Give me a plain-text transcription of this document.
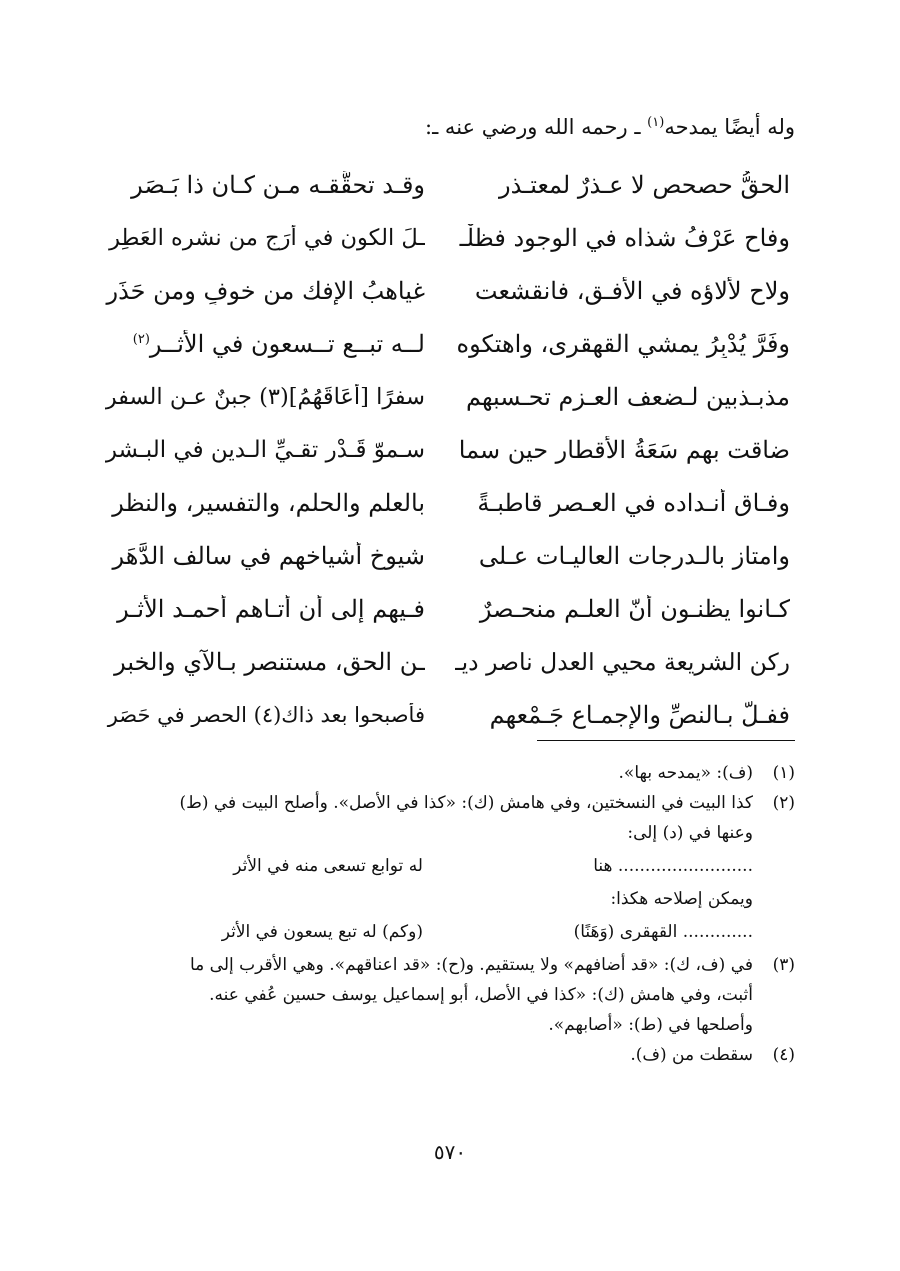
وله أيضًا يمدحه$^{(١)}$ ـ رحمه الله ورضي عنه ـ:
الحقُّ حصحص لا عـذرٌ لمعتـذرٍ
وقـد تحقَّقـه مـن كـان ذا بَـصَر
وفاح عَرْفُ شذاه في الوجود فظلْـ
ـلَ الكون في أَرَجٍ من نشره العَطِر
ولاح لألاؤه في الأفـق، فانقشعت
غياهبُ الإفك من خوفٍ ومن حَذَر
وفَرَّ يُدْبِرُ يمشي القهقرى، واهتكوه
لــه تبــع تــسعون في الأثــر$^{(٢)}$
مذبـذبين لـضعف العـزم تحـسبهم
سفرًا [أعَاقَهُمُ](٣) جبنٌ عـن السفر
ضاقت بهم سَعَةُ الأقطار حين سما
سـموّ قَـدْر تقـيِّ الـدين في البـشر
وفـاق أنـداده في العـصر قاطبـةً
بالعلم والحلم، والتفسير، والنظر
وامتاز بالـدرجات العاليـات عـلى
شيوخ أشياخهم في سالف الدَّهَر
كـانوا يظنـون أنّ العلـم منحـصرٌ
فـيهم إلى أن أتـاهم أحمـد الأثـر
ركن الشريعة محيي العدل ناصر ديـ
ـن الحق، مستنصر بـالآي والخبر
ففـلَّ بـالنصِّ والإجمـاع جَـمْعهم
فأصبحوا بعد ذاك(٤) الحصر في حَصَر
(١)
(ف): «يمدحه بها».
(٢)
كذا البيت في النسختين، وفي هامش (ك): «كذا في الأصل». وأصلح البيت في (ط)
وعنها في (د) إلى:
......................... هنا
له توابع تسعى منه في الأثر
ويمكن إصلاحه هكذا:
............. القهقرى (وَهَنًا)
(وكم) له تبع يسعون في الأثر
(٣)
في (ف، ك): «قد أضافهم» ولا يستقيم. و(ح): «قد اعناقهم». وهي الأقرب إلى ما
أثبت، وفي هامش (ك): «كذا في الأصل، أبو إسماعيل يوسف حسين عُفي عنه.
وأصلحها في (ط): «أصابهم».
(٤)
سقطت من (ف).
٥٧٠
